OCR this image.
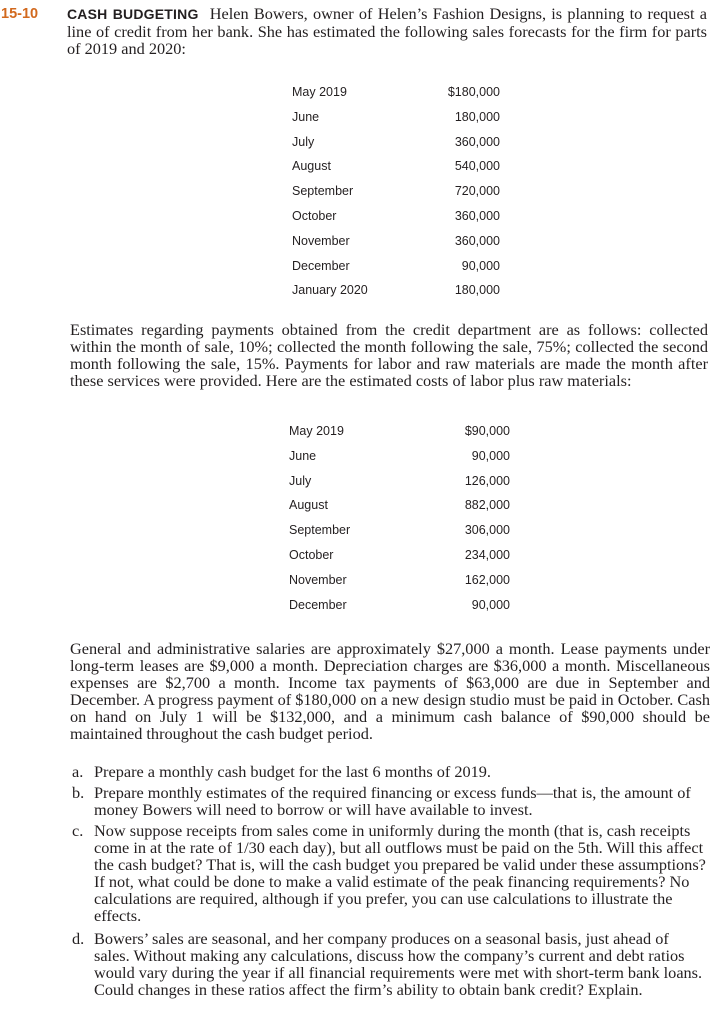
15-10 CASH BUDGETING Helen Bowers, owner of Helen’s Fashion Designs, is planning to request a line of credit from her bank. She has estimated the following sales forecasts for the firm for parts of 2019 and 2020:
May 2019	$180,000
June	180,000
July	360,000
August	540,000
September	720,000
October	360,000
November	360,000
December	90,000
January 2020	180,000
Estimates regarding payments obtained from the credit department are as follows: collected within the month of sale, 10%; collected the month following the sale, 75%; collected the second month following the sale, 15%. Payments for labor and raw materials are made the month after these services were provided. Here are the estimated costs of labor plus raw materials:
May 2019	$90,000
June	90,000
July	126,000
August	882,000
September	306,000
October	234,000
November	162,000
December	90,000
General and administrative salaries are approximately $27,000 a month. Lease payments under long-term leases are $9,000 a month. Depreciation charges are $36,000 a month. Miscellaneous expenses are $2,700 a month. Income tax payments of $63,000 are due in September and December. A progress payment of $180,000 on a new design studio must be paid in October. Cash on hand on July 1 will be $132,000, and a minimum cash balance of $90,000 should be maintained throughout the cash budget period.
a. Prepare a monthly cash budget for the last 6 months of 2019.
b. Prepare monthly estimates of the required financing or excess funds—that is, the amount of money Bowers will need to borrow or will have available to invest.
c. Now suppose receipts from sales come in uniformly during the month (that is, cash receipts come in at the rate of 1/30 each day), but all outflows must be paid on the 5th. Will this affect the cash budget? That is, will the cash budget you prepared be valid under these assumptions? If not, what could be done to make a valid estimate of the peak financing requirements? No calculations are required, although if you prefer, you can use calculations to illustrate the effects.
d. Bowers’ sales are seasonal, and her company produces on a seasonal basis, just ahead of sales. Without making any calculations, discuss how the company’s current and debt ratios would vary during the year if all financial requirements were met with short-term bank loans. Could changes in these ratios affect the firm’s ability to obtain bank credit? Explain.
